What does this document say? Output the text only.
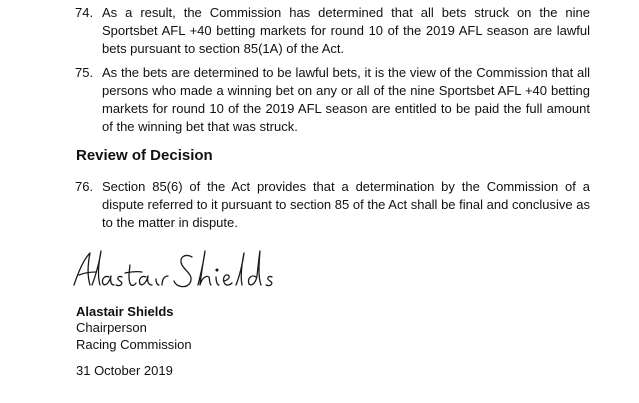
74. As a result, the Commission has determined that all bets struck on the nine Sportsbet AFL +40 betting markets for round 10 of the 2019 AFL season are lawful bets pursuant to section 85(1A) of the Act.
75. As the bets are determined to be lawful bets, it is the view of the Commission that all persons who made a winning bet on any or all of the nine Sportsbet AFL +40 betting markets for round 10 of the 2019 AFL season are entitled to be paid the full amount of the winning bet that was struck.
Review of Decision
76. Section 85(6) of the Act provides that a determination by the Commission of a dispute referred to it pursuant to section 85 of the Act shall be final and conclusive as to the matter in dispute.
Alastair Shields
Chairperson
Racing Commission
31 October 2019
